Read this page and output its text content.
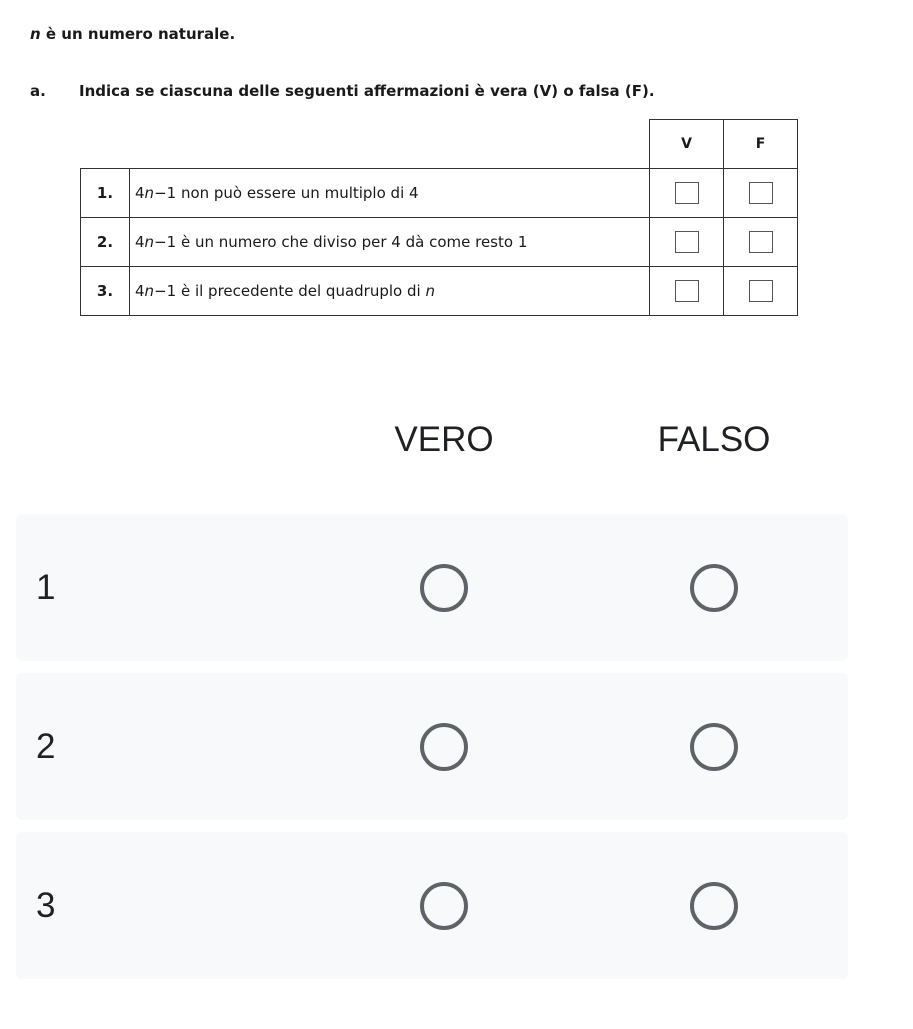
n è un numero naturale.
a. Indica se ciascuna delle seguenti affermazioni è vera (V) o falsa (F).
		V	F
1.	4n−1 non può essere un multiplo di 4		
2.	4n−1 è un numero che diviso per 4 dà come resto 1		
3.	4n−1 è il precedente del quadruplo di n		
VERO	FALSO
1
2
3
